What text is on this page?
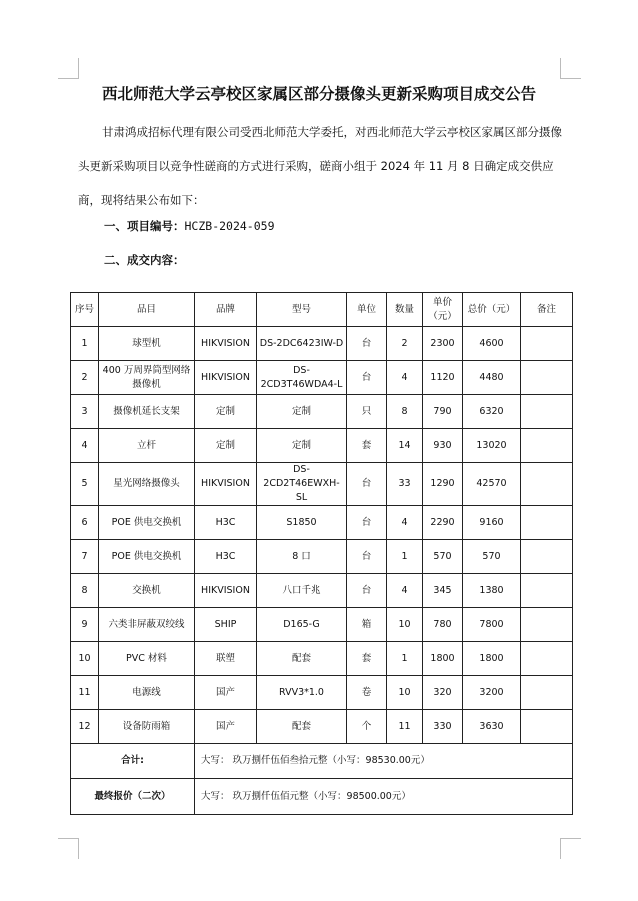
西北师范大学云亭校区家属区部分摄像头更新采购项目成交公告
甘肃鸿成招标代理有限公司受西北师范大学委托，对西北师范大学云亭校区家属区部分摄像头更新采购项目以竞争性磋商的方式进行采购，磋商小组于 2024 年 11 月 8 日确定成交供应商，现将结果公布如下：
一、项目编号：HCZB-2024-059
二、成交内容：
序号	品目	品牌	型号	单位	数量	单价（元）	总价（元）	备注
1	球型机	HIKVISION	DS-2DC6423IW-D	台	2	2300	4600	
2	400 万周界筒型网络摄像机	HIKVISION	DS-2CD3T46WDA4-L	台	4	1120	4480	
3	摄像机延长支架	定制	定制	只	8	790	6320	
4	立杆	定制	定制	套	14	930	13020	
5	星光网络摄像头	HIKVISION	DS-2CD2T46EWXH-SL	台	33	1290	42570	
6	POE 供电交换机	H3C	S1850	台	4	2290	9160	
7	POE 供电交换机	H3C	8 口	台	1	570	570	
8	交换机	HIKVISION	八口千兆	台	4	345	1380	
9	六类非屏蔽双绞线	SHIP	D165-G	箱	10	780	7800	
10	PVC 材料	联塑	配套	套	1	1800	1800	
11	电源线	国产	RVV3*1.0	卷	10	320	3200	
12	设备防雨箱	国产	配套	个	11	330	3630	
合计:		大写： 玖万捌仟伍佰叁拾元整（小写：98530.00元）						
最终报价（二次）		大写： 玖万捌仟伍佰元整（小写：98500.00元）						
